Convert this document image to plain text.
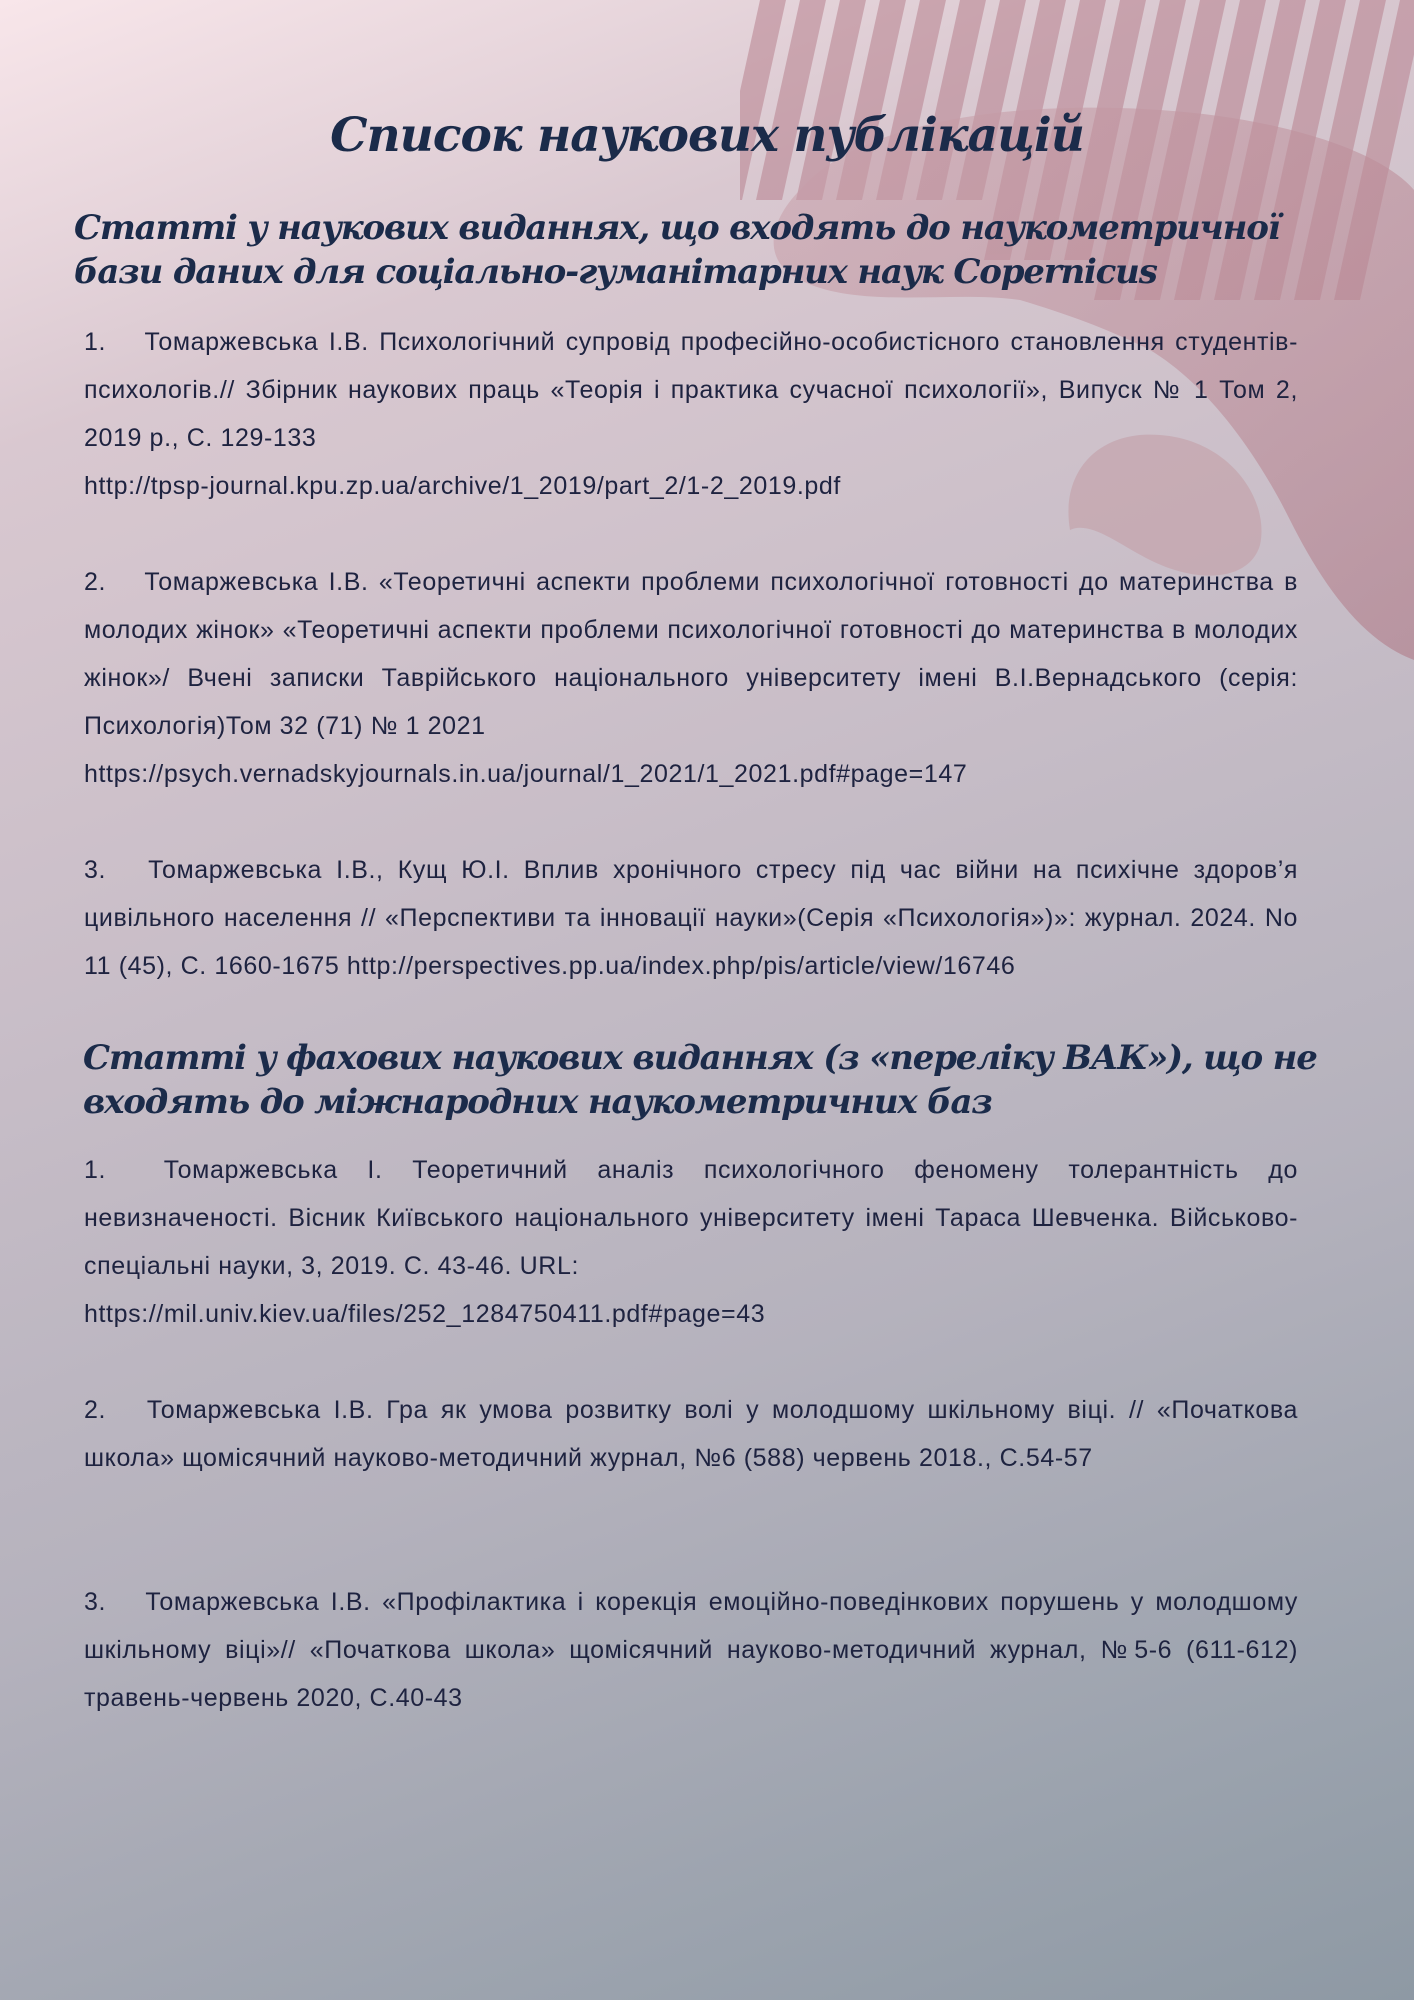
Список наукових публікацій
Статті у наукових виданнях, що входять до наукометричної бази даних для соціально-гуманітарних наук Copernicus

1. Томаржевська І.В. Психологічний супровід професійно-особистісного становлення студентів-психологів.// Збірник наукових праць «Теорія і практика сучасної психології», Випуск № 1 Том 2, 2019 р., С. 129-133
http://tpsp-journal.kpu.zp.ua/archive/1_2019/part_2/1-2_2019.pdf

2. Томаржевська І.В. «Теоретичні аспекти проблеми психологічної готовності до материнства в молодих жінок» «Теоретичні аспекти проблеми психологічної готовності до материнства в молодих жінок»/ Вчені записки Таврійського національного університету імені В.І.Вернадського (серія: Психологія)Том 32 (71) № 1 2021
https://psych.vernadskyjournals.in.ua/journal/1_2021/1_2021.pdf#page=147

3. Томаржевська І.В., Кущ Ю.І. Вплив хронічного стресу під час війни на психічне здоров’я цивільного населення // «Перспективи та інновації науки»(Серія «Психологія»)»: журнал. 2024. No 11 (45), С. 1660-1675 http://perspectives.pp.ua/index.php/pis/article/view/16746

Статті у фахових наукових виданнях (з «переліку ВАК»), що не входять до міжнародних наукометричних баз

1. Томаржевська І. Теоретичний аналіз психологічного феномену толерантність до невизначеності. Вісник Київського національного університету імені Тараса Шевченка. Військово-спеціальні науки, 3, 2019. С. 43-46. URL:
https://mil.univ.kiev.ua/files/252_1284750411.pdf#page=43

2. Томаржевська І.В. Гра як умова розвитку волі у молодшому шкільному віці. // «Початкова школа» щомісячний науково-методичний журнал, №6 (588) червень 2018., С.54-57

3. Томаржевська І.В. «Профілактика і корекція емоційно-поведінкових порушень у молодшому шкільному віці»// «Початкова школа» щомісячний науково-методичний журнал, №5-6 (611-612) травень-червень 2020, С.40-43
